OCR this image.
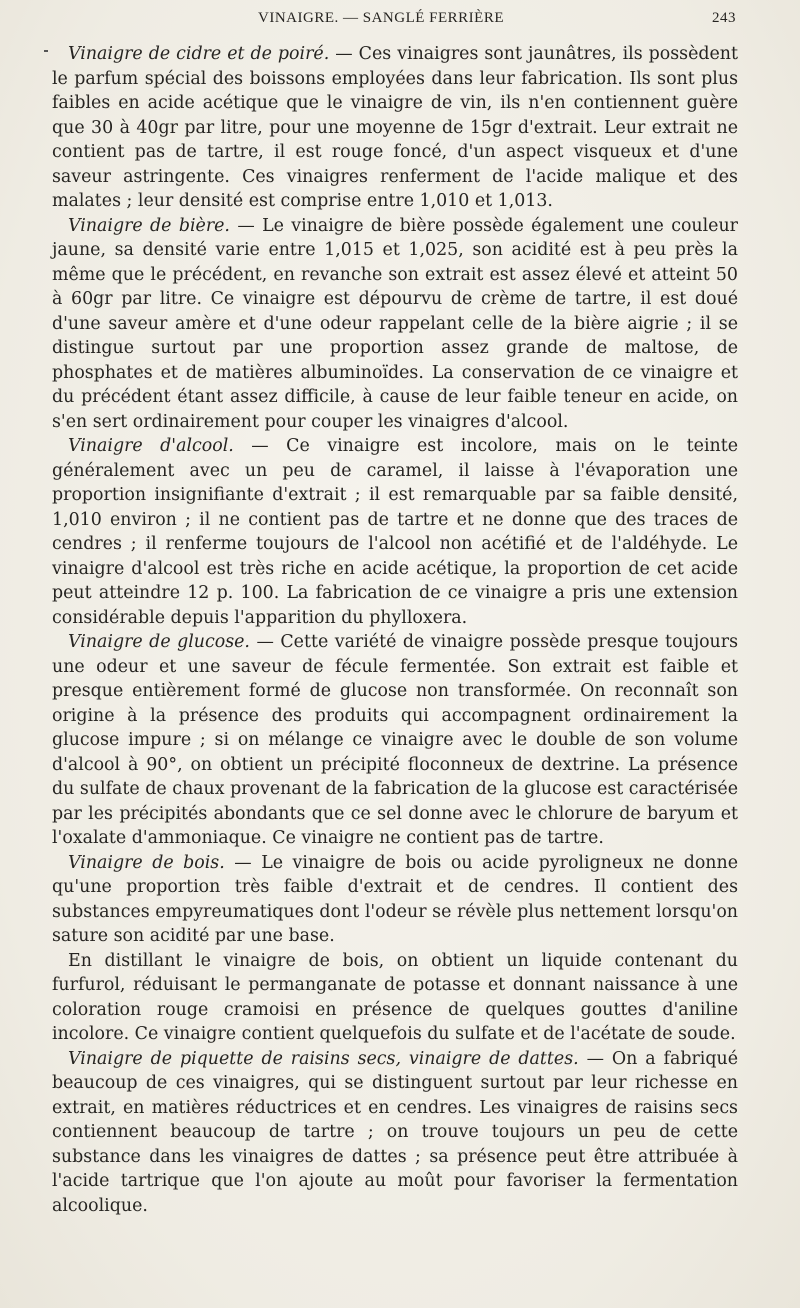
VINAIGRE. — SANGLÉ FERRIÈRE	243

Vinaigre de cidre et de poiré. — Ces vinaigres sont jaunâtres, ils possèdent le parfum spécial des boissons employées dans leur fabrication. Ils sont plus faibles en acide acétique que le vinaigre de vin, ils n'en contiennent guère que 30 à 40gr par litre, pour une moyenne de 15gr d'extrait. Leur extrait ne contient pas de tartre, il est rouge foncé, d'un aspect visqueux et d'une saveur astringente. Ces vinaigres renferment de l'acide malique et des malates ; leur densité est comprise entre 1,010 et 1,013.

Vinaigre de bière. — Le vinaigre de bière possède également une couleur jaune, sa densité varie entre 1,015 et 1,025, son acidité est à peu près la même que le précédent, en revanche son extrait est assez élevé et atteint 50 à 60gr par litre. Ce vinaigre est dépourvu de crème de tartre, il est doué d'une saveur amère et d'une odeur rappelant celle de la bière aigrie ; il se distingue surtout par une proportion assez grande de maltose, de phosphates et de matières albuminoïdes. La conservation de ce vinaigre et du précédent étant assez difficile, à cause de leur faible teneur en acide, on s'en sert ordinairement pour couper les vinaigres d'alcool.

Vinaigre d'alcool. — Ce vinaigre est incolore, mais on le teinte généralement avec un peu de caramel, il laisse à l'évaporation une proportion insignifiante d'extrait ; il est remarquable par sa faible densité, 1,010 environ ; il ne contient pas de tartre et ne donne que des traces de cendres ; il renferme toujours de l'alcool non acétifié et de l'aldéhyde. Le vinaigre d'alcool est très riche en acide acétique, la proportion de cet acide peut atteindre 12 p. 100. La fabrication de ce vinaigre a pris une extension considérable depuis l'apparition du phylloxera.

Vinaigre de glucose. — Cette variété de vinaigre possède presque toujours une odeur et une saveur de fécule fermentée. Son extrait est faible et presque entièrement formé de glucose non transformée. On reconnaît son origine à la présence des produits qui accompagnent ordinairement la glucose impure ; si on mélange ce vinaigre avec le double de son volume d'alcool à 90°, on obtient un précipité floconneux de dextrine. La présence du sulfate de chaux provenant de la fabrication de la glucose est caractérisée par les précipités abondants que ce sel donne avec le chlorure de baryum et l'oxalate d'ammoniaque. Ce vinaigre ne contient pas de tartre.

Vinaigre de bois. — Le vinaigre de bois ou acide pyroligneux ne donne qu'une proportion très faible d'extrait et de cendres. Il contient des substances empyreumatiques dont l'odeur se révèle plus nettement lorsqu'on sature son acidité par une base.

En distillant le vinaigre de bois, on obtient un liquide contenant du furfurol, réduisant le permanganate de potasse et donnant naissance à une coloration rouge cramoisi en présence de quelques gouttes d'aniline incolore. Ce vinaigre contient quelquefois du sulfate et de l'acétate de soude.

Vinaigre de piquette de raisins secs, vinaigre de dattes. — On a fabriqué beaucoup de ces vinaigres, qui se distinguent surtout par leur richesse en extrait, en matières réductrices et en cendres. Les vinaigres de raisins secs contiennent beaucoup de tartre ; on trouve toujours un peu de cette substance dans les vinaigres de dattes ; sa présence peut être attribuée à l'acide tartrique que l'on ajoute au moût pour favoriser la fermentation alcoolique.
